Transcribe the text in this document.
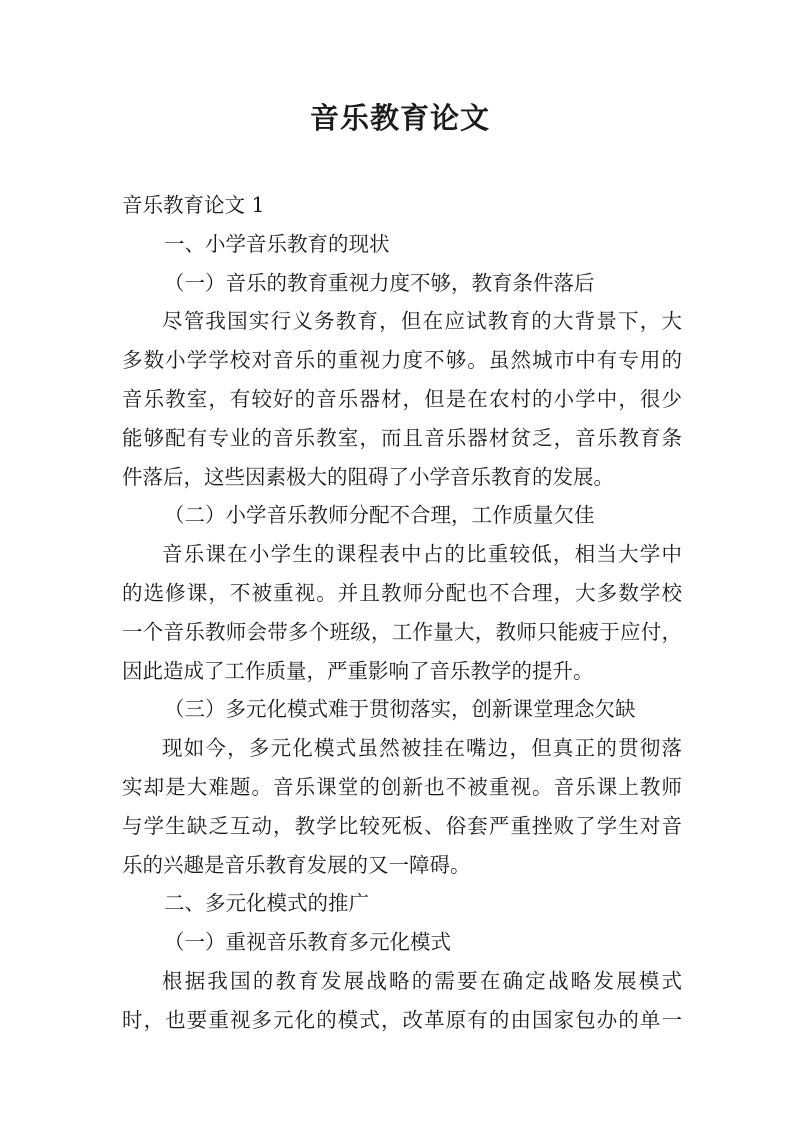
音乐教育论文
音乐教育论文 1
一、小学音乐教育的现状
（一）音乐的教育重视力度不够，教育条件落后
尽管我国实行义务教育，但在应试教育的大背景下，大
多数小学学校对音乐的重视力度不够。虽然城市中有专用的
音乐教室，有较好的音乐器材，但是在农村的小学中，很少
能够配有专业的音乐教室，而且音乐器材贫乏，音乐教育条
件落后，这些因素极大的阻碍了小学音乐教育的发展。
（二）小学音乐教师分配不合理，工作质量欠佳
音乐课在小学生的课程表中占的比重较低，相当大学中
的选修课，不被重视。并且教师分配也不合理，大多数学校
一个音乐教师会带多个班级，工作量大，教师只能疲于应付，
因此造成了工作质量，严重影响了音乐教学的提升。
（三）多元化模式难于贯彻落实，创新课堂理念欠缺
现如今，多元化模式虽然被挂在嘴边，但真正的贯彻落
实却是大难题。音乐课堂的创新也不被重视。音乐课上教师
与学生缺乏互动，教学比较死板、俗套严重挫败了学生对音
乐的兴趣是音乐教育发展的又一障碍。
二、多元化模式的推广
（一）重视音乐教育多元化模式
根据我国的教育发展战略的需要在确定战略发展模式
时，也要重视多元化的模式，改革原有的由国家包办的单一
